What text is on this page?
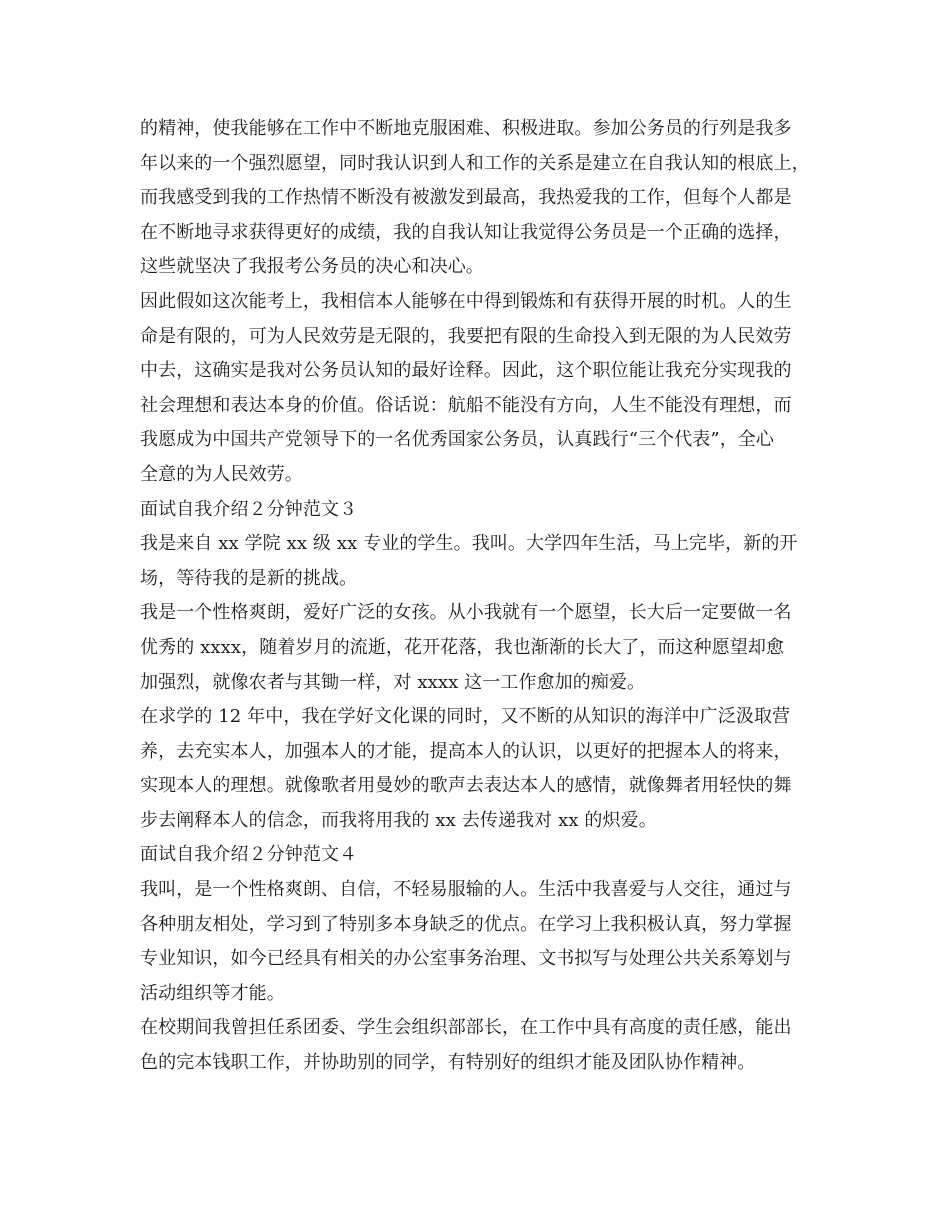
的精神，使我能够在工作中不断地克服困难、积极进取。参加公务员的行列是我多
年以来的一个强烈愿望，同时我认识到人和工作的关系是建立在自我认知的根底上，
而我感受到我的工作热情不断没有被激发到最高，我热爱我的工作，但每个人都是
在不断地寻求获得更好的成绩，我的自我认知让我觉得公务员是一个正确的选择，
这些就坚决了我报考公务员的决心和决心。
因此假如这次能考上，我相信本人能够在中得到锻炼和有获得开展的时机。人的生
命是有限的，可为人民效劳是无限的，我要把有限的生命投入到无限的为人民效劳
中去，这确实是我对公务员认知的最好诠释。因此，这个职位能让我充分实现我的
社会理想和表达本身的价值。俗话说：航船不能没有方向，人生不能没有理想，而
我愿成为中国共产党领导下的一名优秀国家公务员，认真践行“三个代表”，全心
全意的为人民效劳。
面试自我介绍２分钟范文３
我是来自 xx 学院 xx 级 xx 专业的学生。我叫。大学四年生活，马上完毕，新的开
场，等待我的是新的挑战。
我是一个性格爽朗，爱好广泛的女孩。从小我就有一个愿望，长大后一定要做一名
优秀的 xxxx，随着岁月的流逝，花开花落，我也渐渐的长大了，而这种愿望却愈
加强烈，就像农者与其锄一样，对 xxxx 这一工作愈加的痴爱。
在求学的 12 年中，我在学好文化课的同时，又不断的从知识的海洋中广泛汲取营
养，去充实本人，加强本人的才能，提高本人的认识，以更好的把握本人的将来，
实现本人的理想。就像歌者用曼妙的歌声去表达本人的感情，就像舞者用轻快的舞
步去阐释本人的信念，而我将用我的 xx 去传递我对 xx 的炽爱。
面试自我介绍２分钟范文４
我叫，是一个性格爽朗、自信，不轻易服输的人。生活中我喜爱与人交往，通过与
各种朋友相处，学习到了特别多本身缺乏的优点。在学习上我积极认真，努力掌握
专业知识，如今已经具有相关的办公室事务治理、文书拟写与处理公共关系筹划与
活动组织等才能。
在校期间我曾担任系团委、学生会组织部部长，在工作中具有高度的责任感，能出
色的完本钱职工作，并协助别的同学，有特别好的组织才能及团队协作精神。
